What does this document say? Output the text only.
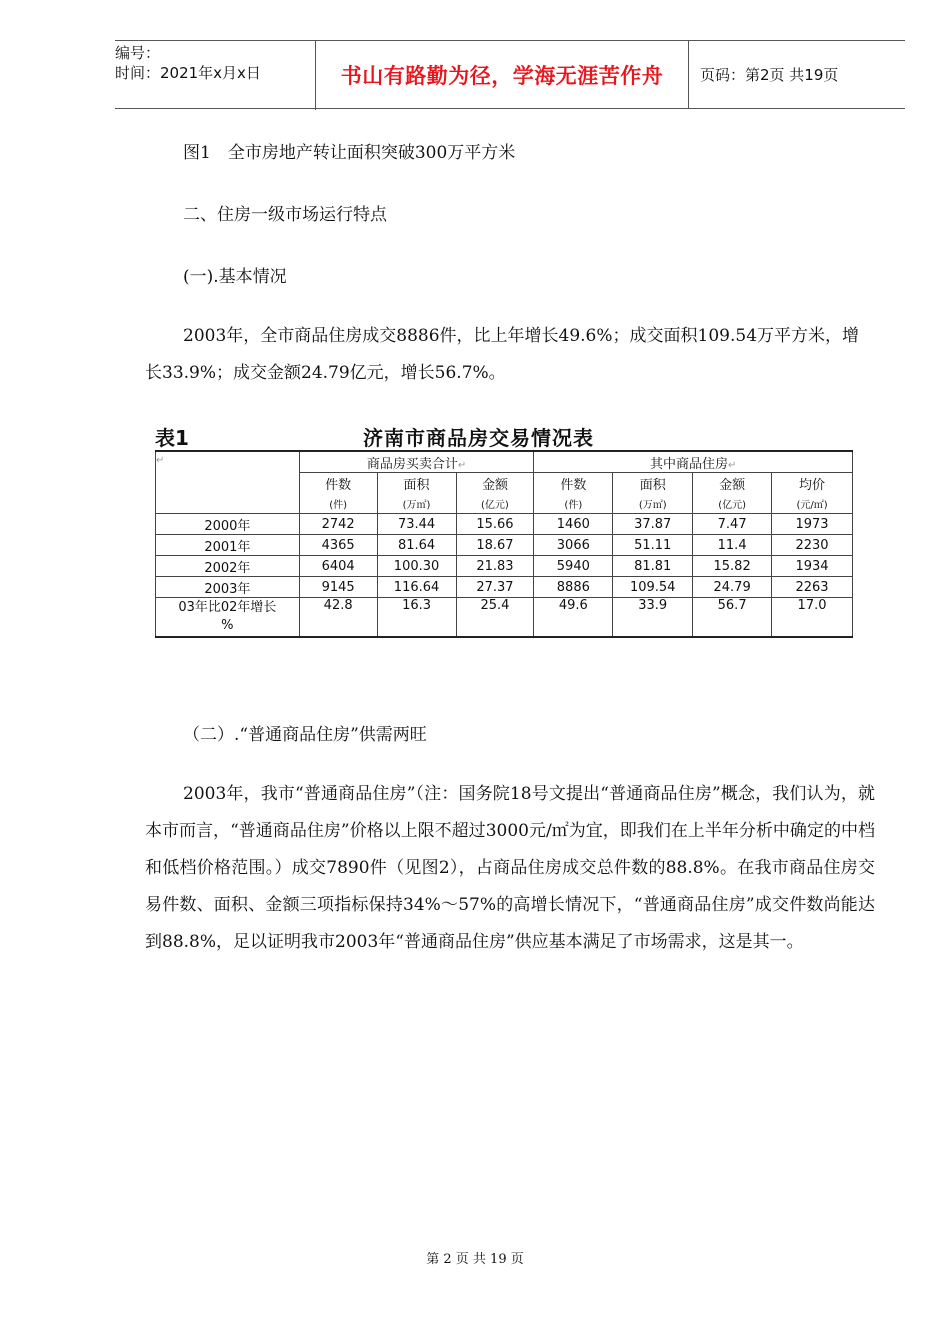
编号：
时间：2021年x月x日	书山有路勤为径，学海无涯苦作舟	页码：第2页 共19页
图1　全市房地产转让面积突破300万平方米
二、住房一级市场运行特点
(一).基本情况
2003年，全市商品住房成交8886件，比上年增长49.6%；成交面积109.54万平方米，增长33.9%；成交金额24.79亿元，增长56.7%。
表1	济南市商品房交易情况表
↵	商品房买卖合计↵			其中商品住房↵			
	件数	面积	金额	件数	面积	金额	均价
	(件)	(万㎡)	(亿元)	(件)	(万㎡)	(亿元)	(元/㎡)
2000年	2742	73.44	15.66	1460	37.87	7.47	1973
2001年	4365	81.64	18.67	3066	51.11	11.4	2230
2002年	6404	100.30	21.83	5940	81.81	15.82	1934
2003年	9145	116.64	27.37	8886	109.54	24.79	2263

03年比02年增长
%	42.8	16.3	25.4	49.6	33.9	56.7	17.0
（二）.“普通商品住房”供需两旺
2003年，我市“普通商品住房”（注：国务院18号文提出“普通商品住房”概念，我们认为，就本市而言，“普通商品住房”价格以上限不超过3000元/㎡为宜，即我们在上半年分析中确定的中档和低档价格范围。）成交7890件（见图2），占商品住房成交总件数的88.8%。在我市商品住房交易件数、面积、金额三项指标保持34%～57%的高增长情况下，“普通商品住房”成交件数尚能达到88.8%，足以证明我市2003年“普通商品住房”供应基本满足了市场需求，这是其一。
第 2 页 共 19 页
